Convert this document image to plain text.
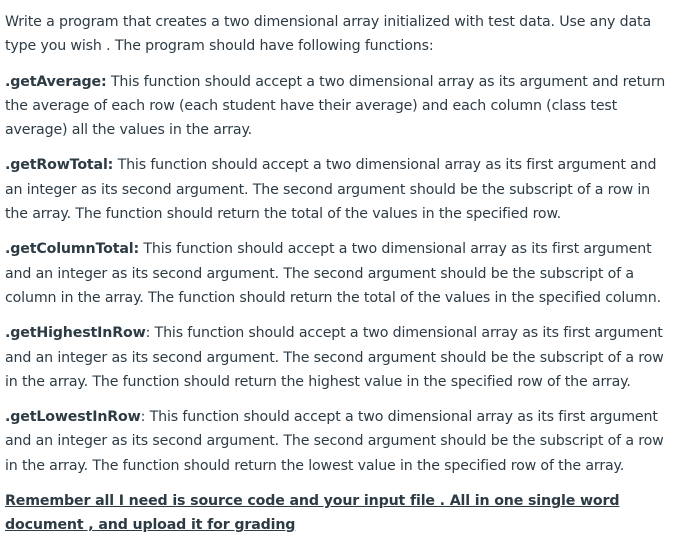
Write a program that creates a two dimensional array initialized with test data. Use any data type you wish . The program should have following functions:

.getAverage: This function should accept a two dimensional array as its argument and return the average of each row (each student have their average) and each column (class test average) all the values in the array.

.getRowTotal: This function should accept a two dimensional array as its first argument and an integer as its second argument. The second argument should be the subscript of a row in the array. The function should return the total of the values in the specified row.

.getColumnTotal: This function should accept a two dimensional array as its first argument and an integer as its second argument. The second argument should be the subscript of a column in the array. The function should return the total of the values in the specified column.

.getHighestInRow: This function should accept a two dimensional array as its first argument and an integer as its second argument. The second argument should be the subscript of a row in the array. The function should return the highest value in the specified row of the array.

.getLowestInRow: This function should accept a two dimensional array as its first argument and an integer as its second argument. The second argument should be the subscript of a row in the array. The function should return the lowest value in the specified row of the array.

Remember all I need is source code and your input file . All in one single word document , and upload it for grading
